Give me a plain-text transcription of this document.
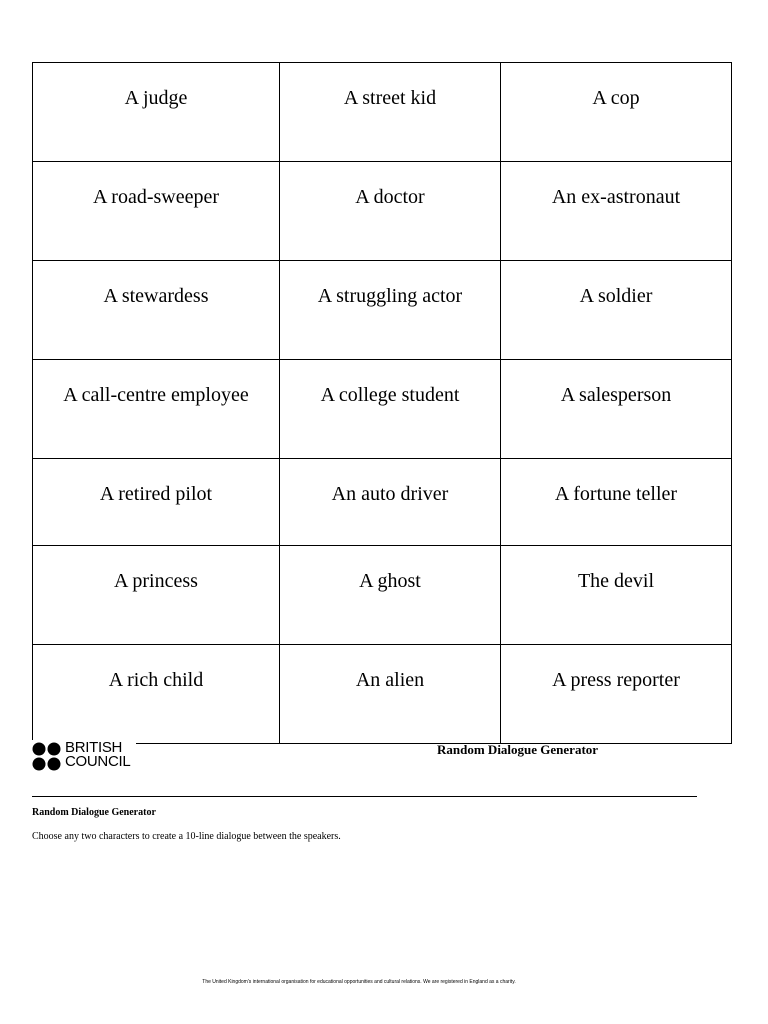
A judge	A street kid	A cop
A road-sweeper	A doctor	An ex-astronaut
A stewardess	A struggling actor	A soldier
A call-centre employee	A college student	A salesperson
A retired pilot	An auto driver	A fortune teller
A princess	A ghost	The devil
A rich child	An alien	A press reporter
BRITISH
COUNCIL
Random Dialogue Generator
Random Dialogue Generator
Choose any two characters to create a 10-line dialogue between the speakers.
The United Kingdom's international organisation for educational opportunities and cultural relations. We are registered in England as a charity.
